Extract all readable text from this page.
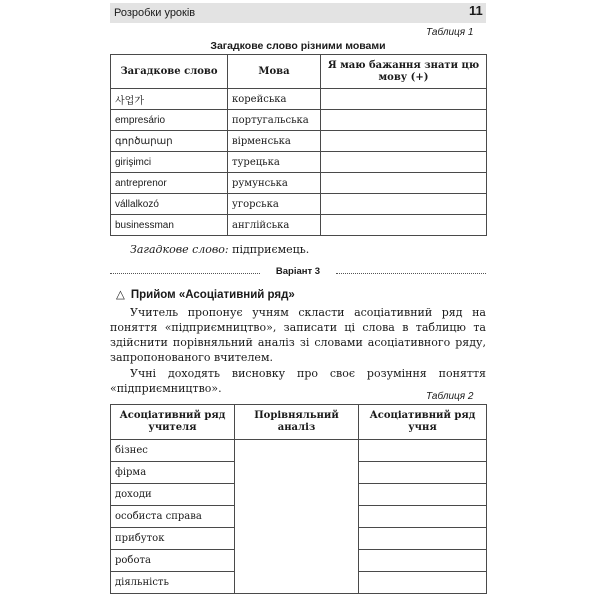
Розробки уроків	11
Таблиця 1
Загадкове слово різними мовами
Загадкове слово	Мова	Я маю бажання знати цю мову (+)
사업가	корейська	
empresário	португальська	
գործարար	вірменська	
girişimci	турецька	
antreprenor	румунська	
vállalkozó	угорська	
businessman	англійська	
Загадкове слово: підприємець.
Варіант 3
△ Прийом «Асоціативний ряд»

Учитель пропонує учням скласти асоціативний ряд на поняття «підприємництво», записати ці слова в таблицю та здійснити порівняльний аналіз зі словами асоціативного ряду, запропонованого вчителем.

Учні доходять висновку про своє розуміння поняття «підприємництво».

Таблиця 2
Асоціативний ряд учителя	Порівняльний аналіз	Асоціативний ряд учня
бізнес		
фірма		
доходи		
особиста справа		
прибуток		
робота		
діяльність		
